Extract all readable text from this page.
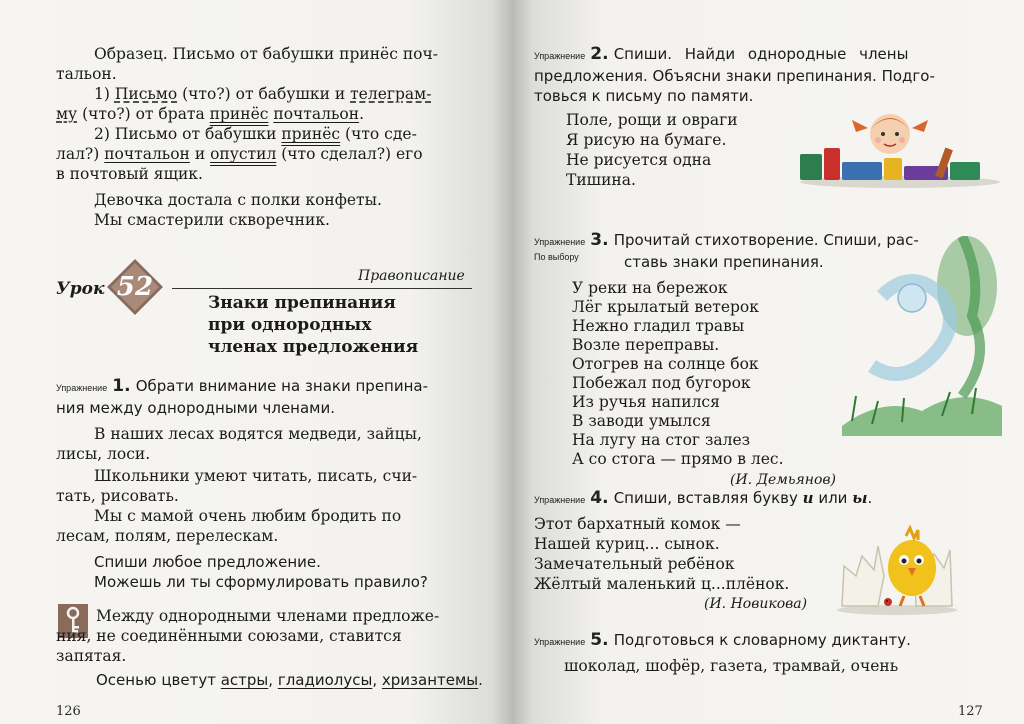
Образец. Письмо от бабушки принёс поч-
тальон.
1) Письмо (что?) от бабушки и телеграм-
му (что?) от брата принёс почтальон.
2) Письмо от бабушки принёс (что сде-
лал?) почтальон и опустил (что сделал?) его
в почтовый ящик.
Девочка достала с полки конфеты.
Мы смастерили скворечник.
Урок 52	Правописание
Знаки препинания
при однородных
членах предложения
Упражнение 1. Обрати внимание на знаки препина-
ния между однородными членами.
В наших лесах водятся медведи, зайцы,
лисы, лоси.
Школьники умеют читать, писать, счи-
тать, рисовать.
Мы с мамой очень любим бродить по
лесам, полям, перелескам.
Спиши любое предложение.
Можешь ли ты сформулировать правило?
Между однородными членами предложе-
ния, не соединёнными союзами, ставится
запятая.
Осенью цветут астры, гладиолусы, хризантемы.
126
Упражнение 2. Спиши. Найди однородные члены
предложения. Объясни знаки препинания. Подго-
товься к письму по памяти.
Поле, рощи и овраги
Я рисую на бумаге.
Не рисуется одна
Тишина.
Упражнение 3. Прочитай стихотворение. Спиши, рас-
По выбору	ставь знаки препинания.
У реки на бережок
Лёг крылатый ветерок
Нежно гладил травы
Возле переправы.
Отогрев на солнце бок
Побежал под бугорок
Из ручья напился
В заводи умылся
На лугу на стог залез
А со стога — прямо в лес.
(И. Демьянов)
Упражнение 4. Спиши, вставляя букву и или ы.
Этот бархатный комок —
Нашей куриц... сынок.
Замечательный ребёнок
Жёлтый маленький ц...плёнок.
(И. Новикова)
Упражнение 5. Подготовься к словарному диктанту.
шоколад, шофёр, газета, трамвай, очень
127
